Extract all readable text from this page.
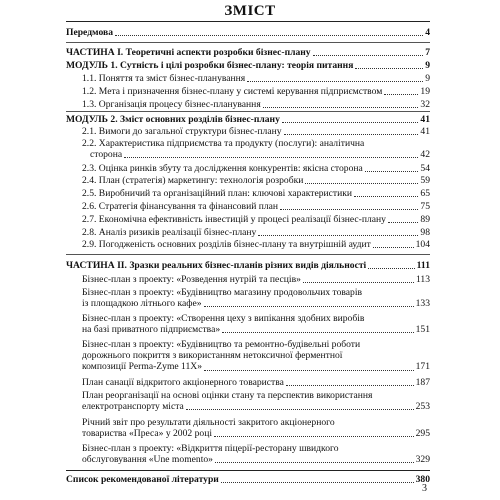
ЗМІСТ
Передмова	4
ЧАСТИНА І. Теоретичні аспекти розробки бізнес-плану	7
МОДУЛЬ 1. Сутність і цілі розробки бізнес-плану: теорія питання	9
1.1. Поняття та зміст бізнес-планування	9
1.2. Мета і призначення бізнес-плану у системі керування підприємством	19
1.3. Організація процесу бізнес-планування	32
МОДУЛЬ 2. Зміст основних розділів бізнес-плану	41
2.1. Вимоги до загальної структури бізнес-плану	41
2.2. Характеристика підприємства та продукту (послуги): аналітична
сторона	42
2.3. Оцінка ринків збуту та дослідження конкурентів: якісна сторона	54
2.4. План (стратегія) маркетингу: технологія розробки	59
2.5. Виробничий та організаційний план: ключові характеристики	65
2.6. Стратегія фінансування та фінансовий план	75
2.7. Економічна ефективність інвестицій у процесі реалізації бізнес-плану	89
2.8. Аналіз ризиків реалізації бізнес-плану	98
2.9. Погодженість основних розділів бізнес-плану та внутрішній аудит	104
ЧАСТИНА ІІ. Зразки реальних бізнес-планів різних видів діяльності	111
Бізнес-план з проекту: «Розведення нутрій та песців»	113
Бізнес-план з проекту: «Будівництво магазину продовольчих товарів
із площадкою літнього кафе»	133
Бізнес-план з проекту: «Створення цеху з випікання здобних виробів
на базі приватного підприємства»	151
Бізнес-план з проекту: «Будівництво та ремонтно-будівельні роботи
дорожнього покриття з використанням нетоксичної ферментної
композиції Perma-Zyme 11X»	171
План санації відкритого акціонерного товариства	187
План реорганізації на основі оцінки стану та перспектив використання
електротранспорту міста	253
Річний звіт про результати діяльності закритого акціонерного
товариства «Преса» у 2002 році	295
Бізнес-план з проекту: «Відкриття піцерії-ресторану швидкого
обслуговування «Une momento»	329
Список рекомендованої літератури	380
3
